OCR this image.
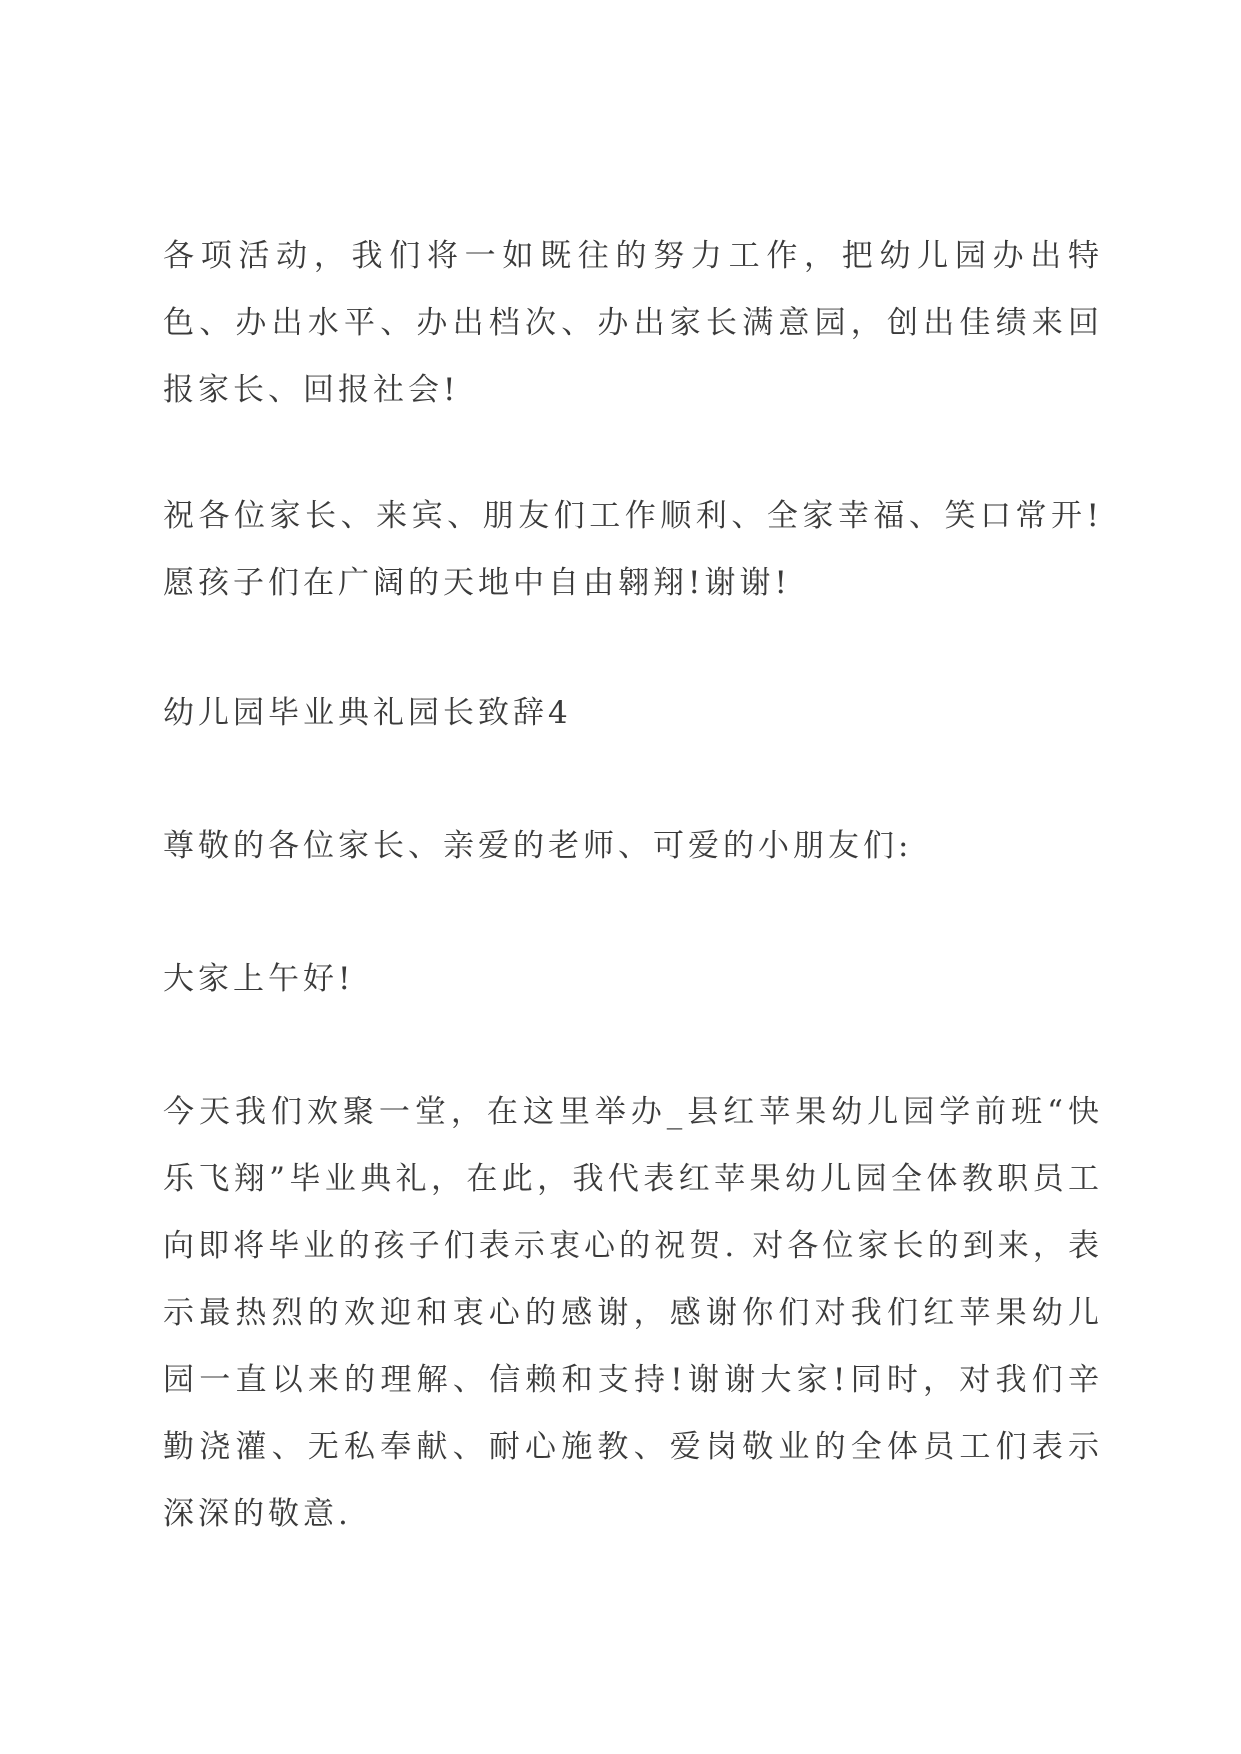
各项活动，我们将一如既往的努力工作，把幼儿园办出特色、办出水平、办出档次、办出家长满意园，创出佳绩来回报家长、回报社会!

祝各位家长、来宾、朋友们工作顺利、全家幸福、笑口常开!愿孩子们在广阔的天地中自由翱翔!谢谢!

幼儿园毕业典礼园长致辞4

尊敬的各位家长、亲爱的老师、可爱的小朋友们:

大家上午好!

今天我们欢聚一堂，在这里举办_县红苹果幼儿园学前班“快乐飞翔”毕业典礼，在此，我代表红苹果幼儿园全体教职员工向即将毕业的孩子们表示衷心的祝贺. 对各位家长的到来，表示最热烈的欢迎和衷心的感谢，感谢你们对我们红苹果幼儿园一直以来的理解、信赖和支持!谢谢大家!同时，对我们辛勤浇灌、无私奉献、耐心施教、爱岗敬业的全体员工们表示深深的敬意.
